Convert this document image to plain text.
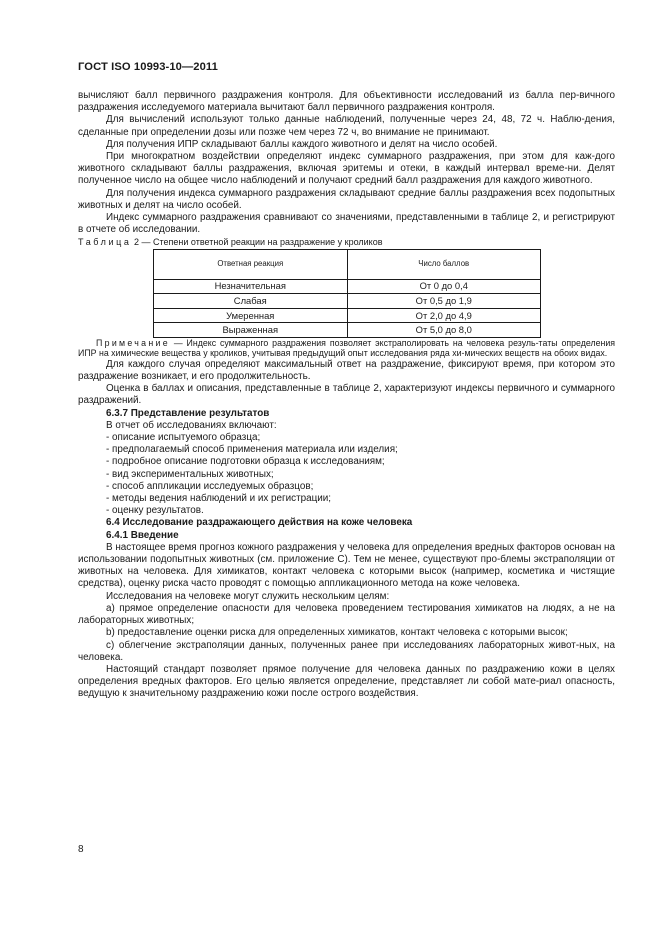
ГОСТ ISO 10993-10—2011

вычисляют балл первичного раздражения контроля. Для объективности исследований из балла пер-вичного раздражения исследуемого материала вычитают балл первичного раздражения контроля.

Для вычислений используют только данные наблюдений, полученные через 24, 48, 72 ч. Наблю-дения, сделанные при определении дозы или позже чем через 72 ч, во внимание не принимают.

Для получения ИПР складывают баллы каждого животного и делят на число особей.

При многократном воздействии определяют индекс суммарного раздражения, при этом для каж-дого животного складывают баллы раздражения, включая эритемы и отеки, в каждый интервал време-ни. Делят полученное число на общее число наблюдений и получают средний балл раздражения для каждого животного.

Для получения индекса суммарного раздражения складывают средние баллы раздражения всех подопытных животных и делят на число особей.

Индекс суммарного раздражения сравнивают со значениями, представленными в таблице 2, и регистрируют в отчете об исследовании.

Таблица 2 — Степени ответной реакции на раздражение у кроликов

Ответная реакция	Число баллов
Незначительная	От 0 до 0,4
Слабая	От 0,5 до 1,9
Умеренная	От 2,0 до 4,9
Выраженная	От 5,0 до 8,0

Примечание — Индекс суммарного раздражения позволяет экстраполировать на человека резуль-таты определения ИПР на химические вещества у кроликов, учитывая предыдущий опыт исследования ряда хи-мических веществ на обоих видах.

Для каждого случая определяют максимальный ответ на раздражение, фиксируют время, при котором это раздражение возникает, и его продолжительность.

Оценка в баллах и описания, представленные в таблице 2, характеризуют индексы первичного и суммарного раздражений.

6.3.7 Представление результатов

В отчет об исследованиях включают:

- описание испытуемого образца;

- предполагаемый способ применения материала или изделия;

- подробное описание подготовки образца к исследованиям;

- вид экспериментальных животных;

- способ аппликации исследуемых образцов;

- методы ведения наблюдений и их регистрации;

- оценку результатов.

6.4 Исследование раздражающего действия на коже человека

6.4.1 Введение

В настоящее время прогноз кожного раздражения у человека для определения вредных факторов основан на использовании подопытных животных (см. приложение С). Тем не менее, существуют про-блемы экстраполяции от животных на человека. Для химикатов, контакт человека с которыми высок (например, косметика и чистящие средства), оценку риска часто проводят с помощью аппликационного метода на коже человека.

Исследования на человеке могут служить нескольким целям:

а) прямое определение опасности для человека проведением тестирования химикатов на людях, а не на лабораторных животных;

b) предоставление оценки риска для определенных химикатов, контакт человека с которыми высок;

c) облегчение экстраполяции данных, полученных ранее при исследованиях лабораторных живот-ных, на человека.

Настоящий стандарт позволяет прямое получение для человека данных по раздражению кожи в целях определения вредных факторов. Его целью является определение, представляет ли собой мате-риал опасность, ведущую к значительному раздражению кожи после острого воздействия.

8
